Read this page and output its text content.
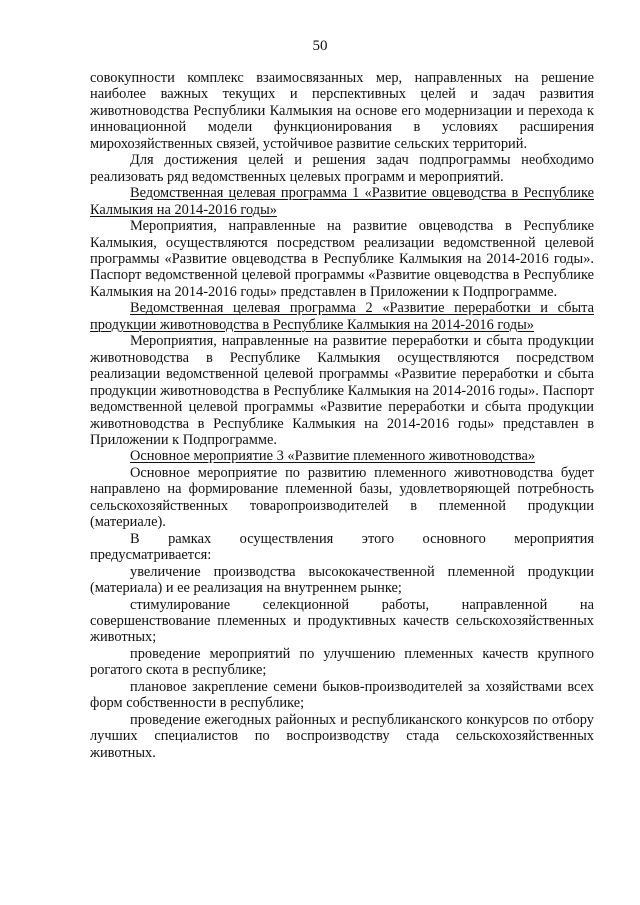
50

совокупности комплекс взаимосвязанных мер, направленных на решение наиболее важных текущих и перспективных целей и задач развития животноводства Республики Калмыкия на основе его модернизации и перехода к инновационной модели функционирования в условиях расширения мирохозяйственных связей, устойчивое развитие сельских территорий.

Для достижения целей и решения задач подпрограммы необходимо реализовать ряд ведомственных целевых программ и мероприятий.

Ведомственная целевая программа 1 «Развитие овцеводства в Республике Калмыкия на 2014-2016 годы»

Мероприятия, направленные на развитие овцеводства в Республике Калмыкия, осуществляются посредством реализации ведомственной целевой программы «Развитие овцеводства в Республике Калмыкия на 2014-2016 годы». Паспорт ведомственной целевой программы «Развитие овцеводства в Республике Калмыкия на 2014-2016 годы» представлен в Приложении к Подпрограмме.

Ведомственная целевая программа 2 «Развитие переработки и сбыта продукции животноводства в Республике Калмыкия на 2014-2016 годы»

Мероприятия, направленные на развитие переработки и сбыта продукции животноводства в Республике Калмыкия осуществляются посредством реализации ведомственной целевой программы «Развитие переработки и сбыта продукции животноводства в Республике Калмыкия на 2014-2016 годы». Паспорт ведомственной целевой программы «Развитие переработки и сбыта продукции животноводства в Республике Калмыкия на 2014-2016 годы» представлен в Приложении к Подпрограмме.

Основное мероприятие 3 «Развитие племенного животноводства»

Основное мероприятие по развитию племенного животноводства будет направлено на формирование племенной базы, удовлетворяющей потребность сельскохозяйственных товаропроизводителей в племенной продукции (материале).

В рамках осуществления этого основного мероприятия предусматривается:

увеличение производства высококачественной племенной продукции (материала) и ее реализация на внутреннем рынке;

стимулирование селекционной работы, направленной на совершенствование племенных и продуктивных качеств сельскохозяйственных животных;

проведение мероприятий по улучшению племенных качеств крупного рогатого скота в республике;

плановое закрепление семени быков-производителей за хозяйствами всех форм собственности в республике;

проведение ежегодных районных и республиканского конкурсов по отбору лучших специалистов по воспроизводству стада сельскохозяйственных животных.
